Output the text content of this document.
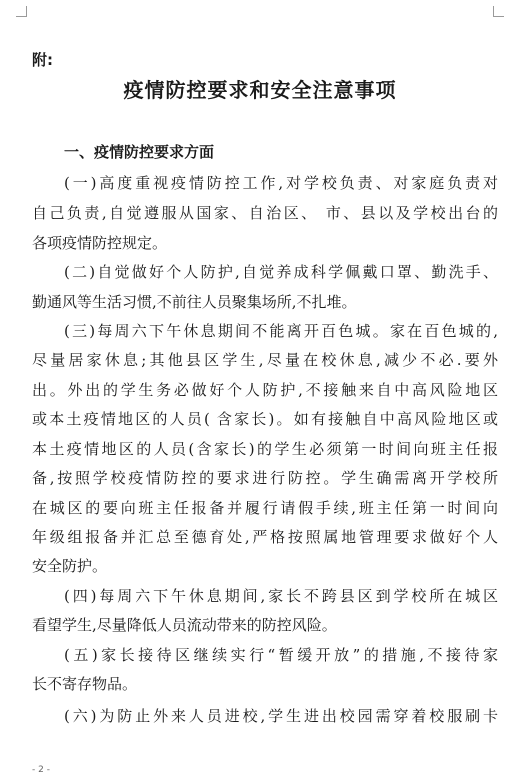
附:
疫情防控要求和安全注意事项
一、疫情防控要求方面
(一)高度重视疫情防控工作,对学校负责、对家庭负责对
自己负责,自觉遵服从国家、自治区、 市、县以及学校出台的
各项疫情防控规定。
(二)自觉做好个人防护,自觉养成科学佩戴口罩、勤洗手、
勤通风等生活习惯,不前往人员聚集场所,不扎堆。
(三)每周六下午休息期间不能离开百色城。家在百色城的,
尽量居家休息;其他县区学生,尽量在校休息,减少不必.要外
出。外出的学生务必做好个人防护,不接触来自中高风险地区
或本土疫情地区的人员( 含家长)。如有接触自中高风险地区或
本土疫情地区的人员(含家长)的学生必须第一时间向班主任报
备,按照学校疫情防控的要求进行防控。学生确需离开学校所
在城区的要向班主任报备并履行请假手续,班主任第一时间向
年级组报备并汇总至德育处,严格按照属地管理要求做好个人
安全防护。
(四)每周六下午休息期间,家长不跨县区到学校所在城区
看望学生,尽量降低人员流动带来的防控风险。
(五)家长接待区继续实行“暂缓开放”的措施,不接待家
长不寄存物品。
(六)为防止外来人员进校,学生进出校园需穿着校服刷卡
- 2 -
